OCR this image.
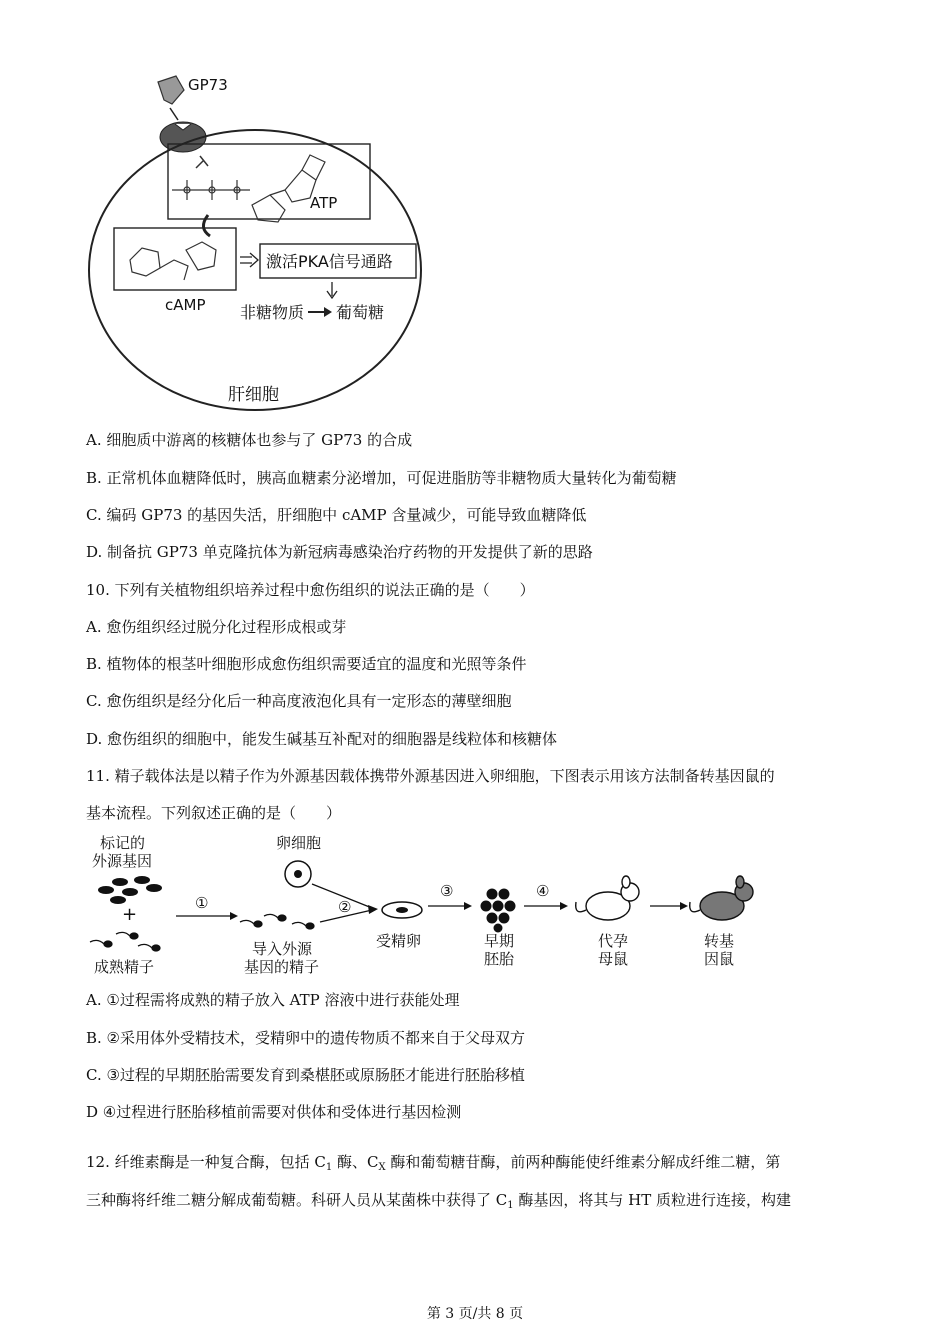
GP73
ATP
cAMP
激活PKA信号通路
非糖物质 葡萄糖
肝细胞
A. 细胞质中游离的核糖体也参与了 GP73 的合成
B. 正常机体血糖降低时，胰高血糖素分泌增加，可促进脂肪等非糖物质大量转化为葡萄糖
C. 编码 GP73 的基因失活，肝细胞中 cAMP 含量减少，可能导致血糖降低
D. 制备抗 GP73 单克隆抗体为新冠病毒感染治疗药物的开发提供了新的思路
10. 下列有关植物组织培养过程中愈伤组织的说法正确的是（　　）
A. 愈伤组织经过脱分化过程形成根或芽
B. 植物体的根茎叶细胞形成愈伤组织需要适宜的温度和光照等条件
C. 愈伤组织是经分化后一种高度液泡化具有一定形态的薄壁细胞
D. 愈伤组织的细胞中，能发生碱基互补配对的细胞器是线粒体和核糖体
11. 精子载体法是以精子作为外源基因载体携带外源基因进入卵细胞，下图表示用该方法制备转基因鼠的
基本流程。下列叙述正确的是（　　）
标记的
外源基因
+
成熟精子
①
卵细胞
导入外源
基因的精子
②
受精卵
③
早期
胚胎
④
代孕
母鼠
转基
因鼠
A. ①过程需将成熟的精子放入 ATP 溶液中进行获能处理
B. ②采用体外受精技术，受精卵中的遗传物质不都来自于父母双方
C. ③过程的早期胚胎需要发育到桑椹胚或原肠胚才能进行胚胎移植
D ④过程进行胚胎移植前需要对供体和受体进行基因检测
12. 纤维素酶是一种复合酶，包括 $C_1$ 酶、$C_X$ 酶和葡萄糖苷酶，前两种酶能使纤维素分解成纤维二糖，第
三种酶将纤维二糖分解成葡萄糖。科研人员从某菌株中获得了 $C_1$ 酶基因，将其与 HT 质粒进行连接，构建
第 3 页/共 8 页
